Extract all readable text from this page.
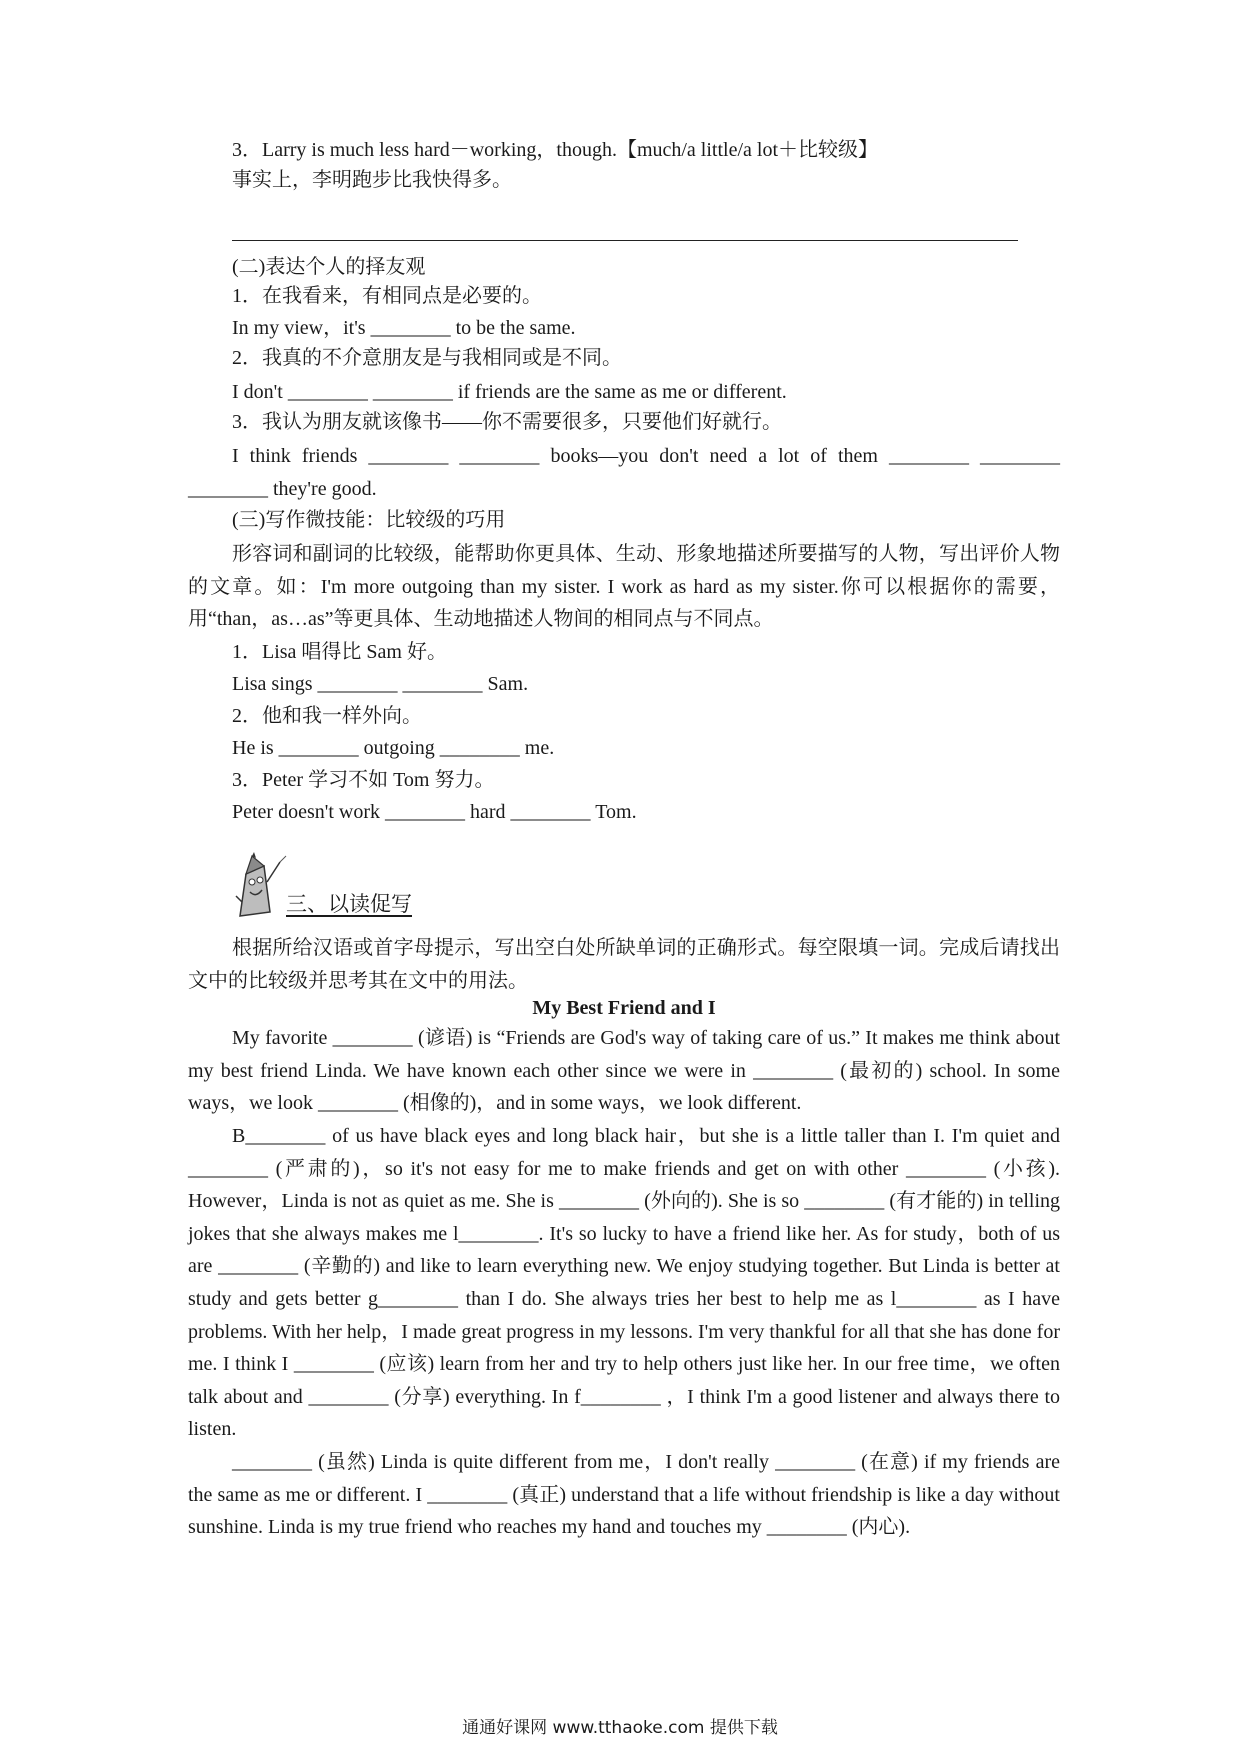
3．Larry is much less hard－working，though.【much/a little/a lot＋比较级】
事实上，李明跑步比我快得多。
(二)表达个人的择友观
1．在我看来，有相同点是必要的。
In my view，it's ________ to be the same.
2．我真的不介意朋友是与我相同或是不同。
I don't ________ ________ if friends are the same as me or different.
3．我认为朋友就该像书——你不需要很多，只要他们好就行。
I think friends ________ ________ books—you don't need a lot of them ________ ________ ________ they're good.
(三)写作微技能：比较级的巧用
形容词和副词的比较级，能帮助你更具体、生动、形象地描述所要描写的人物，写出评价人物的文章。如：I'm more outgoing than my sister. I work as hard as my sister.你可以根据你的需要，用“than，as…as”等更具体、生动地描述人物间的相同点与不同点。
1．Lisa 唱得比 Sam 好。
Lisa sings ________ ________ Sam.
2．他和我一样外向。
He is ________ outgoing ________ me.
3．Peter 学习不如 Tom 努力。
Peter doesn't work ________ hard ________ Tom.
三、以读促写
根据所给汉语或首字母提示，写出空白处所缺单词的正确形式。每空限填一词。完成后请找出文中的比较级并思考其在文中的用法。
My Best Friend and I
My favorite ________ (谚语) is “Friends are God's way of taking care of us.” It makes me think about my best friend Linda. We have known each other since we were in ________ (最初的) school. In some ways，we look ________ (相像的)，and in some ways，we look different.
B________ of us have black eyes and long black hair，but she is a little taller than I. I'm quiet and ________ (严肃的)，so it's not easy for me to make friends and get on with other ________ (小孩). However，Linda is not as quiet as me. She is ________ (外向的). She is so ________ (有才能的) in telling jokes that she always makes me l________. It's so lucky to have a friend like her. As for study，both of us are ________ (辛勤的) and like to learn everything new. We enjoy studying together. But Linda is better at study and gets better g________ than I do. She always tries her best to help me as l________ as I have problems. With her help，I made great progress in my lessons. I'm very thankful for all that she has done for me. I think I ________ (应该) learn from her and try to help others just like her. In our free time，we often talk about and ________ (分享) everything. In f________ ，I think I'm a good listener and always there to listen.
________ (虽然) Linda is quite different from me，I don't really ________ (在意) if my friends are the same as me or different. I ________ (真正) understand that a life without friendship is like a day without sunshine. Linda is my true friend who reaches my hand and touches my ________ (内心).
通通好课网 www.tthaoke.com 提供下载
